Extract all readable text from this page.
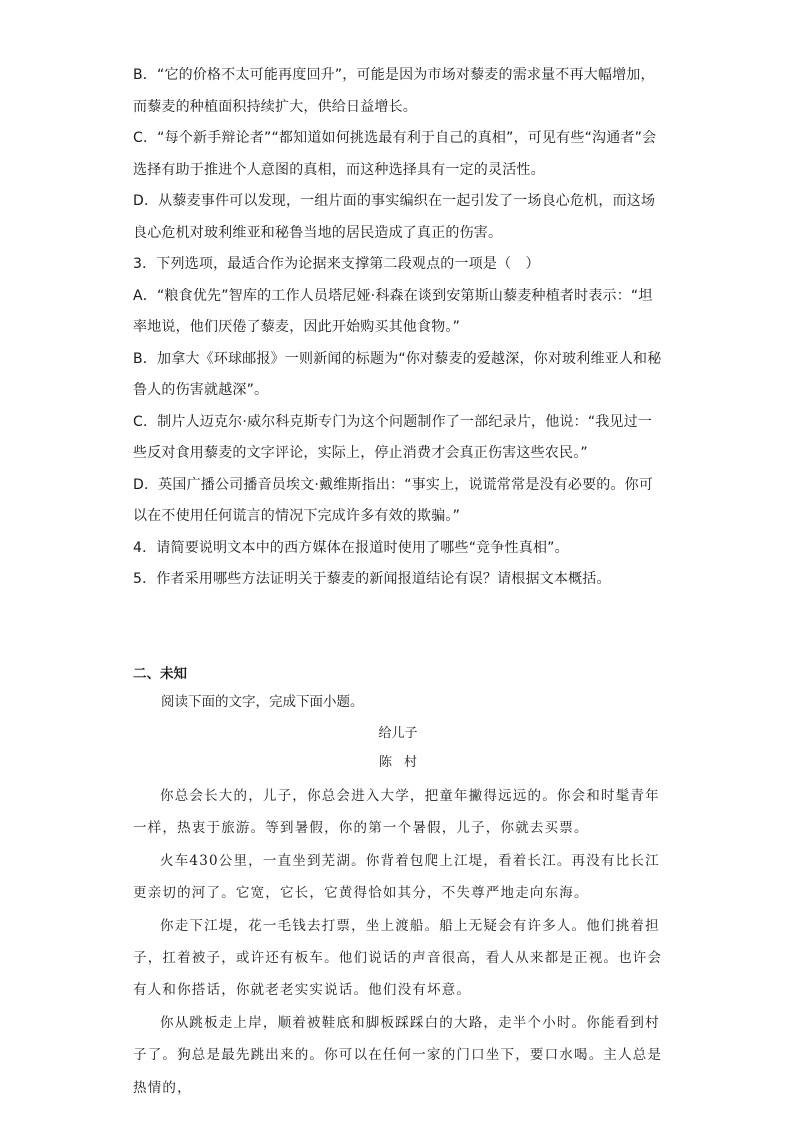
B．“它的价格不太可能再度回升”，可能是因为市场对藜麦的需求量不再大幅增加，而藜麦的种植面积持续扩大，供给日益增长。

C．“每个新手辩论者”“都知道如何挑选最有利于自己的真相”，可见有些“沟通者”会选择有助于推进个人意图的真相，而这种选择具有一定的灵活性。

D．从藜麦事件可以发现，一组片面的事实编织在一起引发了一场良心危机，而这场良心危机对玻利维亚和秘鲁当地的居民造成了真正的伤害。

3．下列选项，最适合作为论据来支撑第二段观点的一项是（　）

A．“粮食优先”智库的工作人员塔尼娅·科森在谈到安第斯山藜麦种植者时表示：“坦率地说，他们厌倦了藜麦，因此开始购买其他食物。”

B．加拿大《环球邮报》一则新闻的标题为“你对藜麦的爱越深，你对玻利维亚人和秘鲁人的伤害就越深”。

C．制片人迈克尔·威尔科克斯专门为这个问题制作了一部纪录片，他说：“我见过一些反对食用藜麦的文字评论，实际上，停止消费才会真正伤害这些农民。”

D．英国广播公司播音员埃文·戴维斯指出：“事实上，说谎常常是没有必要的。你可以在不使用任何谎言的情况下完成许多有效的欺骗。”

4．请简要说明文本中的西方媒体在报道时使用了哪些“竞争性真相”。

5．作者采用哪些方法证明关于藜麦的新闻报道结论有误？请根据文本概括。

二、未知
阅读下面的文字，完成下面小题。
给儿子
陈村

你总会长大的，儿子，你总会进入大学，把童年撇得远远的。你会和时髦青年一样，热衷于旅游。等到暑假，你的第一个暑假，儿子，你就去买票。

火车430公里，一直坐到芜湖。你背着包爬上江堤，看着长江。再没有比长江更亲切的河了。它宽，它长，它黄得恰如其分，不失尊严地走向东海。

你走下江堤，花一毛钱去打票，坐上渡船。船上无疑会有许多人。他们挑着担子，扛着被子，或许还有板车。他们说话的声音很高，看人从来都是正视。也许会有人和你搭话，你就老老实实说话。他们没有坏意。

你从跳板走上岸，顺着被鞋底和脚板踩踩白的大路，走半个小时。你能看到村子了。狗总是最先跳出来的。你可以在任何一家的门口坐下，要口水喝。主人总是热情的，
